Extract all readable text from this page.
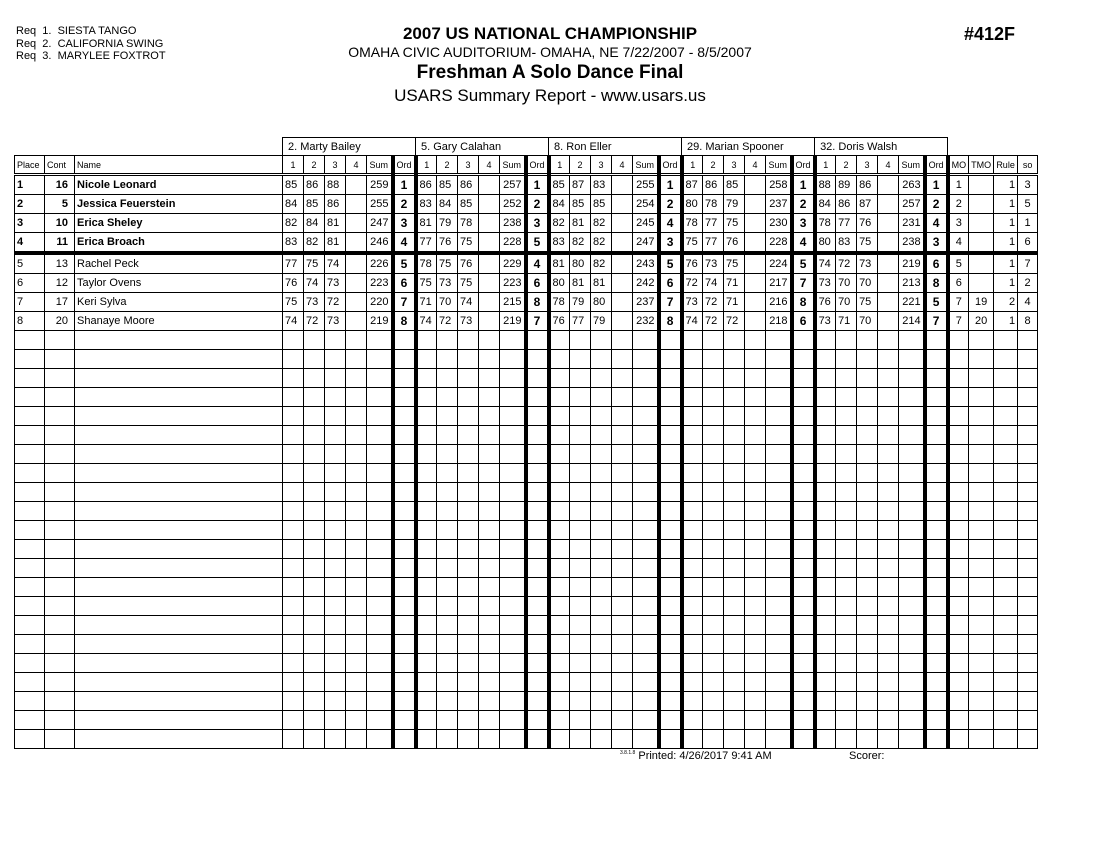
Req  1.  SIESTA TANGO
Req  2.  CALIFORNIA SWING
Req  3.  MARYLEE FOXTROT
2007 US NATIONAL CHAMPIONSHIP
OMAHA CIVIC AUDITORIUM- OMAHA, NE 7/22/2007 - 8/5/2007
Freshman A Solo Dance Final
USARS Summary Report - www.usars.us
#412F
			2. Marty Bailey						5. Gary Calahan						8. Ron Eller						29. Marian Spooner						32. Doris Walsh									
Place	Cont	Name	1	2	3	4	Sum	Ord	1	2	3	4	Sum	Ord	1	2	3	4	Sum	Ord	1	2	3	4	Sum	Ord	1	2	3	4	Sum	Ord	MO	TMO	Rule	so
1	16	Nicole Leonard	85	86	88		259	1	86	85	86		257	1	85	87	83		255	1	87	86	85		258	1	88	89	86		263	1	1		1	3
2	5	Jessica Feuerstein	84	85	86		255	2	83	84	85		252	2	84	85	85		254	2	80	78	79		237	2	84	86	87		257	2	2		1	5
3	10	Erica Sheley	82	84	81		247	3	81	79	78		238	3	82	81	82		245	4	78	77	75		230	3	78	77	76		231	4	3		1	1
4	11	Erica Broach	83	82	81		246	4	77	76	75		228	5	83	82	82		247	3	75	77	76		228	4	80	83	75		238	3	4		1	6
5	13	Rachel Peck	77	75	74		226	5	78	75	76		229	4	81	80	82		243	5	76	73	75		224	5	74	72	73		219	6	5		1	7
6	12	Taylor Ovens	76	74	73		223	6	75	73	75		223	6	80	81	81		242	6	72	74	71		217	7	73	70	70		213	8	6		1	2
7	17	Keri Sylva	75	73	72		220	7	71	70	74		215	8	78	79	80		237	7	73	72	71		216	8	76	70	75		221	5	7	19	2	4
8	20	Shanaye Moore	74	72	73		219	8	74	72	73		219	7	76	77	79		232	8	74	72	72		218	6	73	71	70		214	7	7	20	1	8

$^{3.8.1.8}$ Printed: 4/26/2017 9:41 AM	Scorer:
